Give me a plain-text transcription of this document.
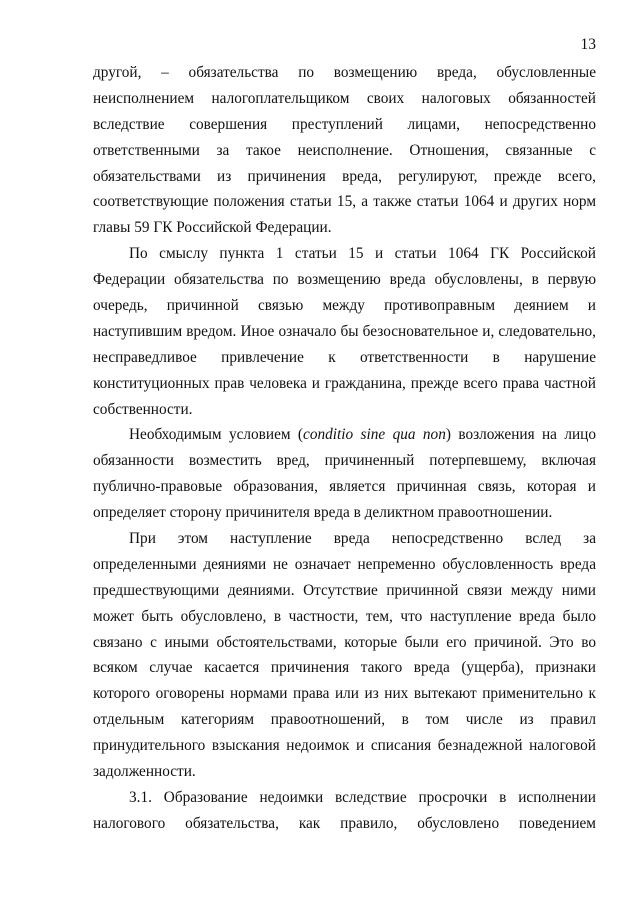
13
другой, – обязательства по возмещению вреда, обусловленные
неисполнением налогоплательщиком своих налоговых обязанностей
вследствие совершения преступлений лицами, непосредственно
ответственными за такое неисполнение. Отношения, связанные с
обязательствами из причинения вреда, регулируют, прежде всего,
соответствующие положения статьи 15, а также статьи 1064 и других норм
главы 59 ГК Российской Федерации.
По смыслу пункта 1 статьи 15 и статьи 1064 ГК Российской
Федерации обязательства по возмещению вреда обусловлены, в первую
очередь, причинной связью между противоправным деянием и
наступившим вредом. Иное означало бы безосновательное и, следовательно,
несправедливое привлечение к ответственности в нарушение
конституционных прав человека и гражданина, прежде всего права частной
собственности.
Необходимым условием (conditio sine qua non) возложения на лицо
обязанности возместить вред, причиненный потерпевшему, включая
публично-правовые образования, является причинная связь, которая и
определяет сторону причинителя вреда в деликтном правоотношении.
При этом наступление вреда непосредственно вслед за
определенными деяниями не означает непременно обусловленность вреда
предшествующими деяниями. Отсутствие причинной связи между ними
может быть обусловлено, в частности, тем, что наступление вреда было
связано с иными обстоятельствами, которые были его причиной. Это во
всяком случае касается причинения такого вреда (ущерба), признаки
которого оговорены нормами права или из них вытекают применительно к
отдельным категориям правоотношений, в том числе из правил
принудительного взыскания недоимок и списания безнадежной налоговой
задолженности.
3.1. Образование недоимки вследствие просрочки в исполнении
налогового обязательства, как правило, обусловлено поведением
